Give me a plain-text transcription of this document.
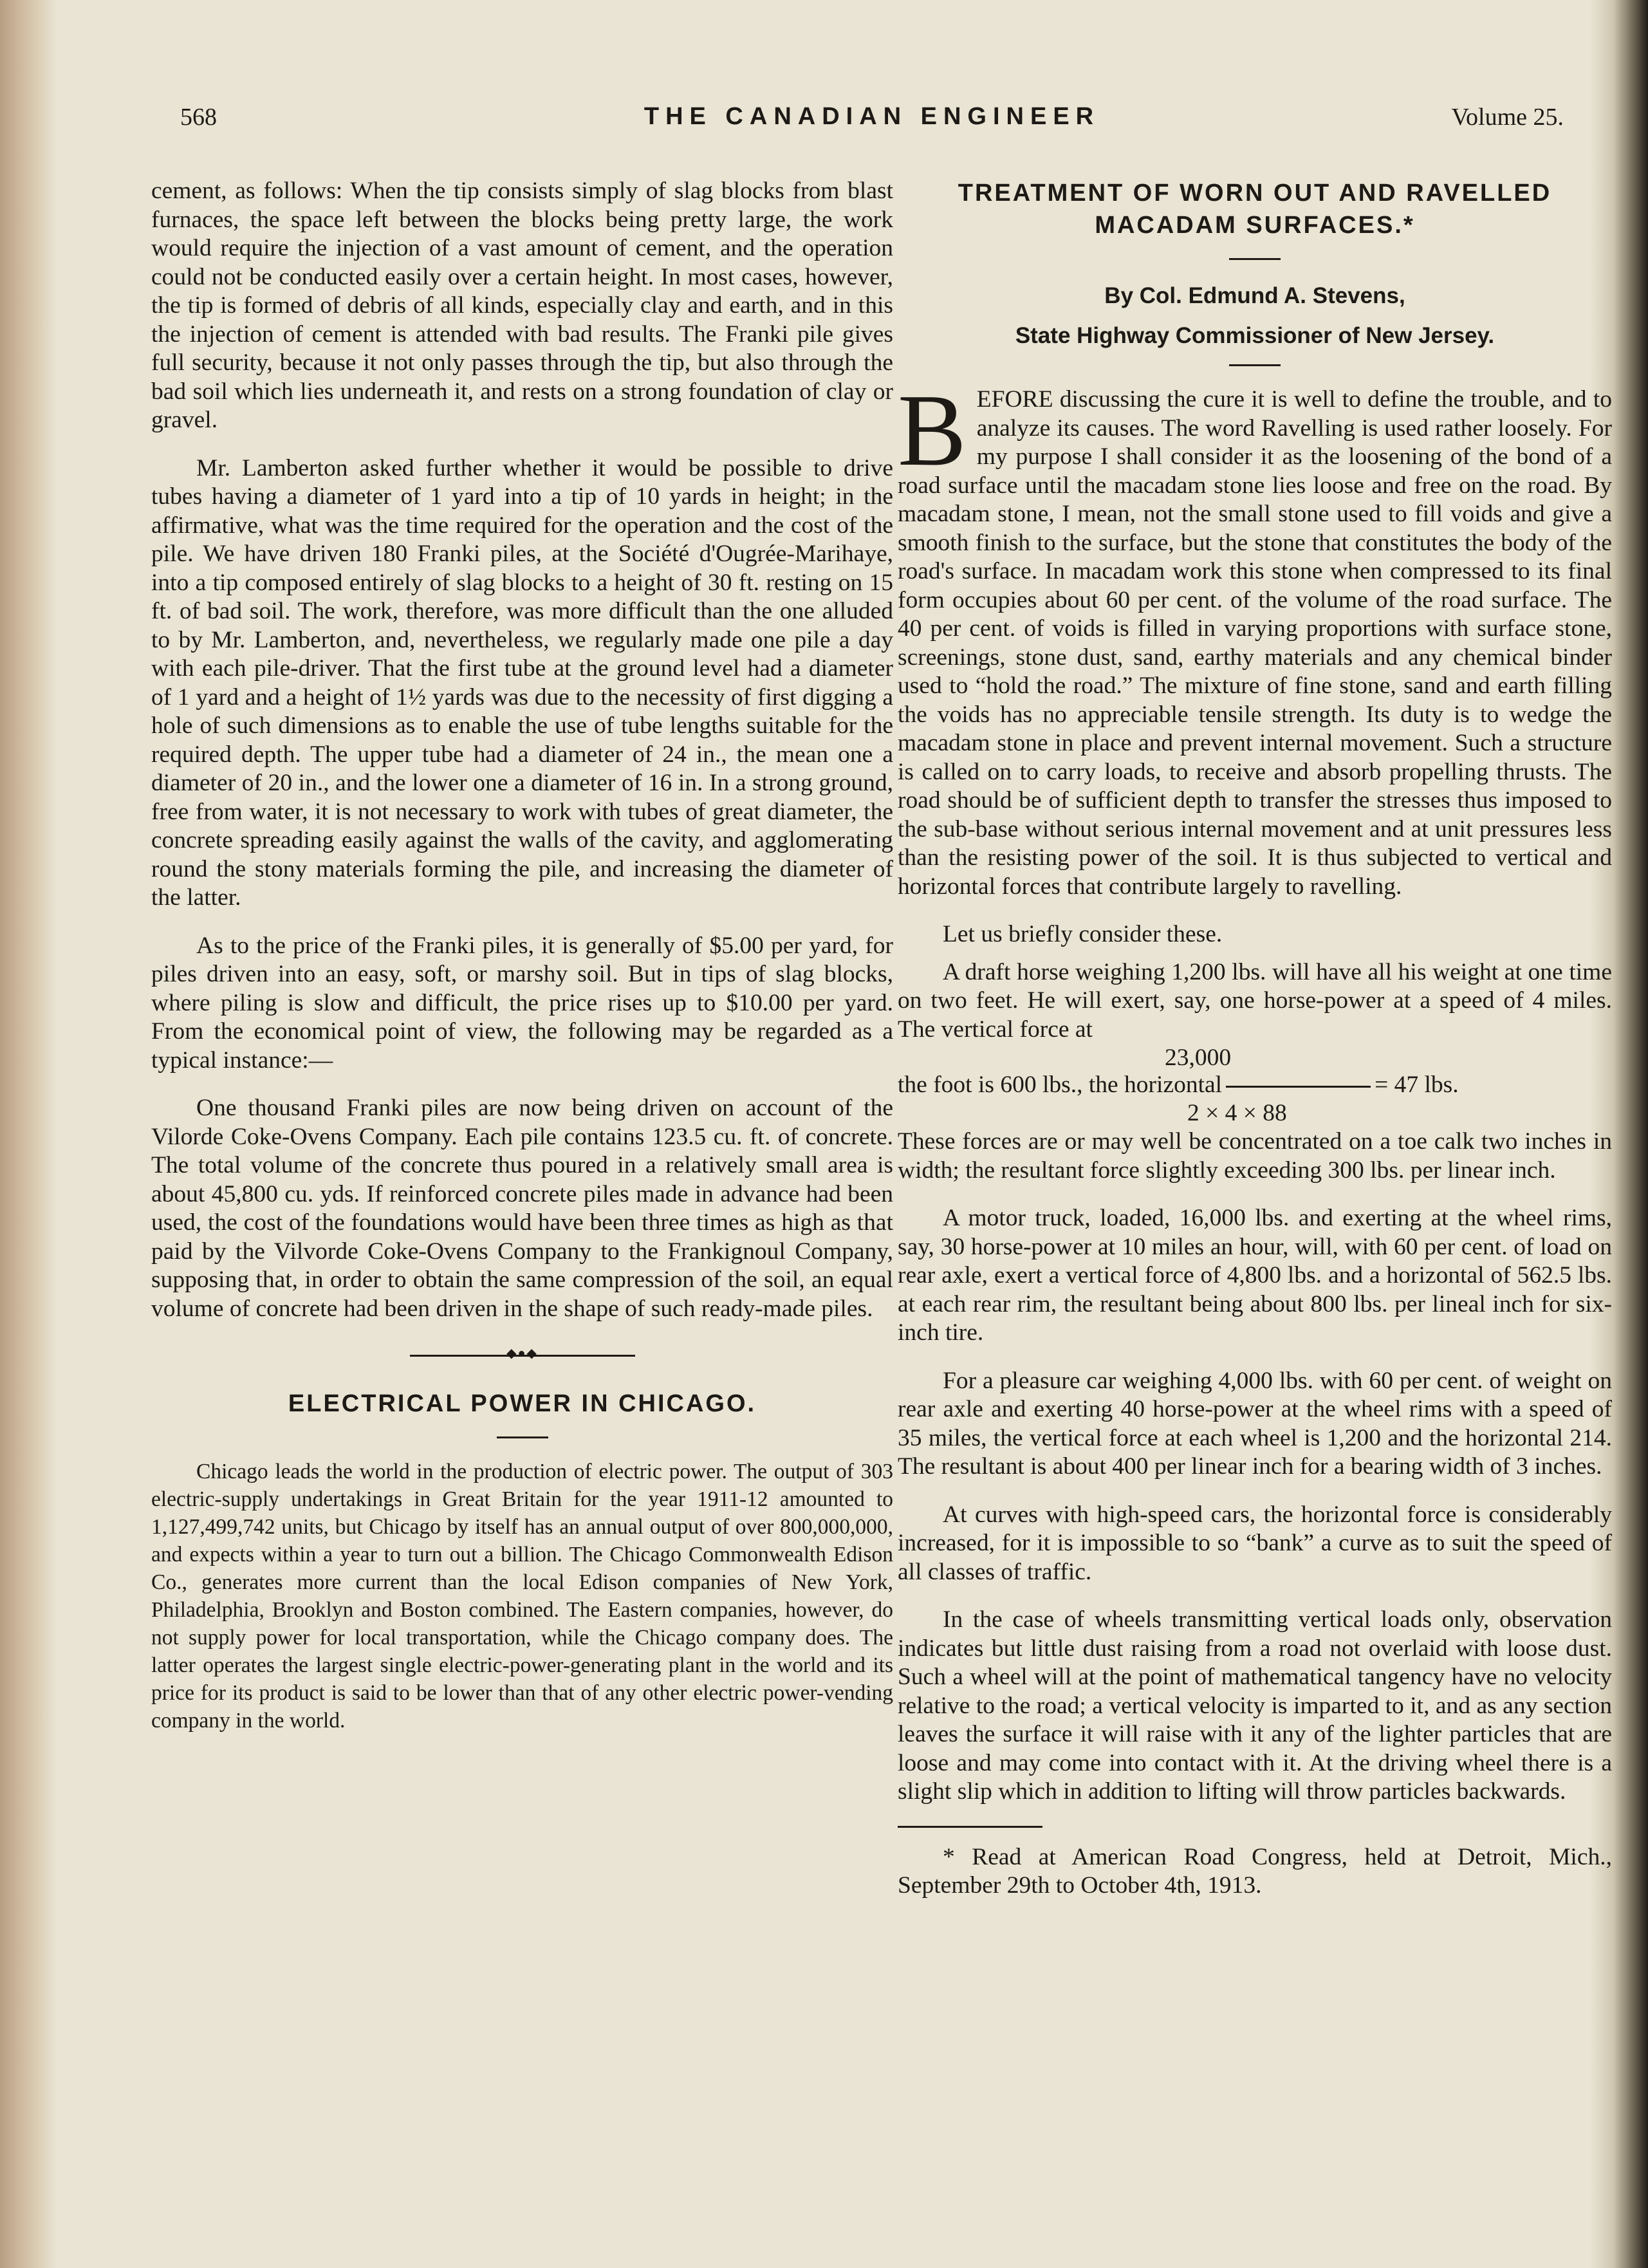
568	THE CANADIAN ENGINEER	Volume 25.

cement, as follows: When the tip consists simply of slag blocks from blast furnaces, the space left between the blocks being pretty large, the work would require the injection of a vast amount of cement, and the operation could not be conducted easily over a certain height. In most cases, however, the tip is formed of debris of all kinds, especially clay and earth, and in this the injection of cement is attended with bad results. The Franki pile gives full security, because it not only passes through the tip, but also through the bad soil which lies underneath it, and rests on a strong foundation of clay or gravel.

Mr. Lamberton asked further whether it would be possible to drive tubes having a diameter of 1 yard into a tip of 10 yards in height; in the affirmative, what was the time required for the operation and the cost of the pile. We have driven 180 Franki piles, at the Société d'Ougrée-Marihaye, into a tip composed entirely of slag blocks to a height of 30 ft. resting on 15 ft. of bad soil. The work, therefore, was more difficult than the one alluded to by Mr. Lamberton, and, nevertheless, we regularly made one pile a day with each pile-driver. That the first tube at the ground level had a diameter of 1 yard and a height of 1½ yards was due to the necessity of first digging a hole of such dimensions as to enable the use of tube lengths suitable for the required depth. The upper tube had a diameter of 24 in., the mean one a diameter of 20 in., and the lower one a diameter of 16 in. In a strong ground, free from water, it is not necessary to work with tubes of great diameter, the concrete spreading easily against the walls of the cavity, and agglomerating round the stony materials forming the pile, and increasing the diameter of the latter.

As to the price of the Franki piles, it is generally of $5.00 per yard, for piles driven into an easy, soft, or marshy soil. But in tips of slag blocks, where piling is slow and difficult, the price rises up to $10.00 per yard. From the economical point of view, the following may be regarded as a typical instance:—

One thousand Franki piles are now being driven on account of the Vilorde Coke-Ovens Company. Each pile contains 123.5 cu. ft. of concrete. The total volume of the concrete thus poured in a relatively small area is about 45,800 cu. yds. If reinforced concrete piles made in advance had been used, the cost of the foundations would have been three times as high as that paid by the Vilvorde Coke-Ovens Company to the Frankignoul Company, supposing that, in order to obtain the same compression of the soil, an equal volume of concrete had been driven in the shape of such ready-made piles.

◆●◆
ELECTRICAL POWER IN CHICAGO.

Chicago leads the world in the production of electric power. The output of 303 electric-supply undertakings in Great Britain for the year 1911-12 amounted to 1,127,499,742 units, but Chicago by itself has an annual output of over 800,000,000, and expects within a year to turn out a billion. The Chicago Commonwealth Edison Co., generates more current than the local Edison companies of New York, Philadelphia, Brooklyn and Boston combined. The Eastern companies, however, do not supply power for local transportation, while the Chicago company does. The latter operates the largest single electric-power-generating plant in the world and its price for its product is said to be lower than that of any other electric power-vending company in the world.

TREATMENT OF WORN OUT AND RAVELLED
MACADAM SURFACES.*
By Col. Edmund A. Stevens,
State Highway Commissioner of New Jersey.

BEFORE discussing the cure it is well to define the trouble, and to analyze its causes. The word Ravelling is used rather loosely. For my purpose I shall consider it as the loosening of the bond of a road surface until the macadam stone lies loose and free on the road. By macadam stone, I mean, not the small stone used to fill voids and give a smooth finish to the surface, but the stone that constitutes the body of the road's surface. In macadam work this stone when compressed to its final form occupies about 60 per cent. of the volume of the road surface. The 40 per cent. of voids is filled in varying proportions with surface stone, screenings, stone dust, sand, earthy materials and any chemical binder used to “hold the road.” The mixture of fine stone, sand and earth filling the voids has no appreciable tensile strength. Its duty is to wedge the macadam stone in place and prevent internal movement. Such a structure is called on to carry loads, to receive and absorb propelling thrusts. The road should be of sufficient depth to transfer the stresses thus imposed to the sub-base without serious internal movement and at unit pressures less than the resisting power of the soil. It is thus subjected to vertical and horizontal forces that contribute largely to ravelling.

Let us briefly consider these.

A draft horse weighing 1,200 lbs. will have all his weight at one time on two feet. He will exert, say, one horse-power at a speed of 4 miles. The vertical force at

23,000
the foot is 600 lbs., the horizontal	= 47 lbs.
2 × 4 × 88

These forces are or may well be concentrated on a toe calk two inches in width; the resultant force slightly exceeding 300 lbs. per linear inch.

A motor truck, loaded, 16,000 lbs. and exerting at the wheel rims, say, 30 horse-power at 10 miles an hour, will, with 60 per cent. of load on rear axle, exert a vertical force of 4,800 lbs. and a horizontal of 562.5 lbs. at each rear rim, the resultant being about 800 lbs. per lineal inch for six-inch tire.

For a pleasure car weighing 4,000 lbs. with 60 per cent. of weight on rear axle and exerting 40 horse-power at the wheel rims with a speed of 35 miles, the vertical force at each wheel is 1,200 and the horizontal 214. The resultant is about 400 per linear inch for a bearing width of 3 inches.

At curves with high-speed cars, the horizontal force is considerably increased, for it is impossible to so “bank” a curve as to suit the speed of all classes of traffic.

In the case of wheels transmitting vertical loads only, observation indicates but little dust raising from a road not overlaid with loose dust. Such a wheel will at the point of mathematical tangency have no velocity relative to the road; a vertical velocity is imparted to it, and as any section leaves the surface it will raise with it any of the lighter particles that are loose and may come into contact with it. At the driving wheel there is a slight slip which in addition to lifting will throw particles backwards.

* Read at American Road Congress, held at Detroit, Mich., September 29th to October 4th, 1913.
